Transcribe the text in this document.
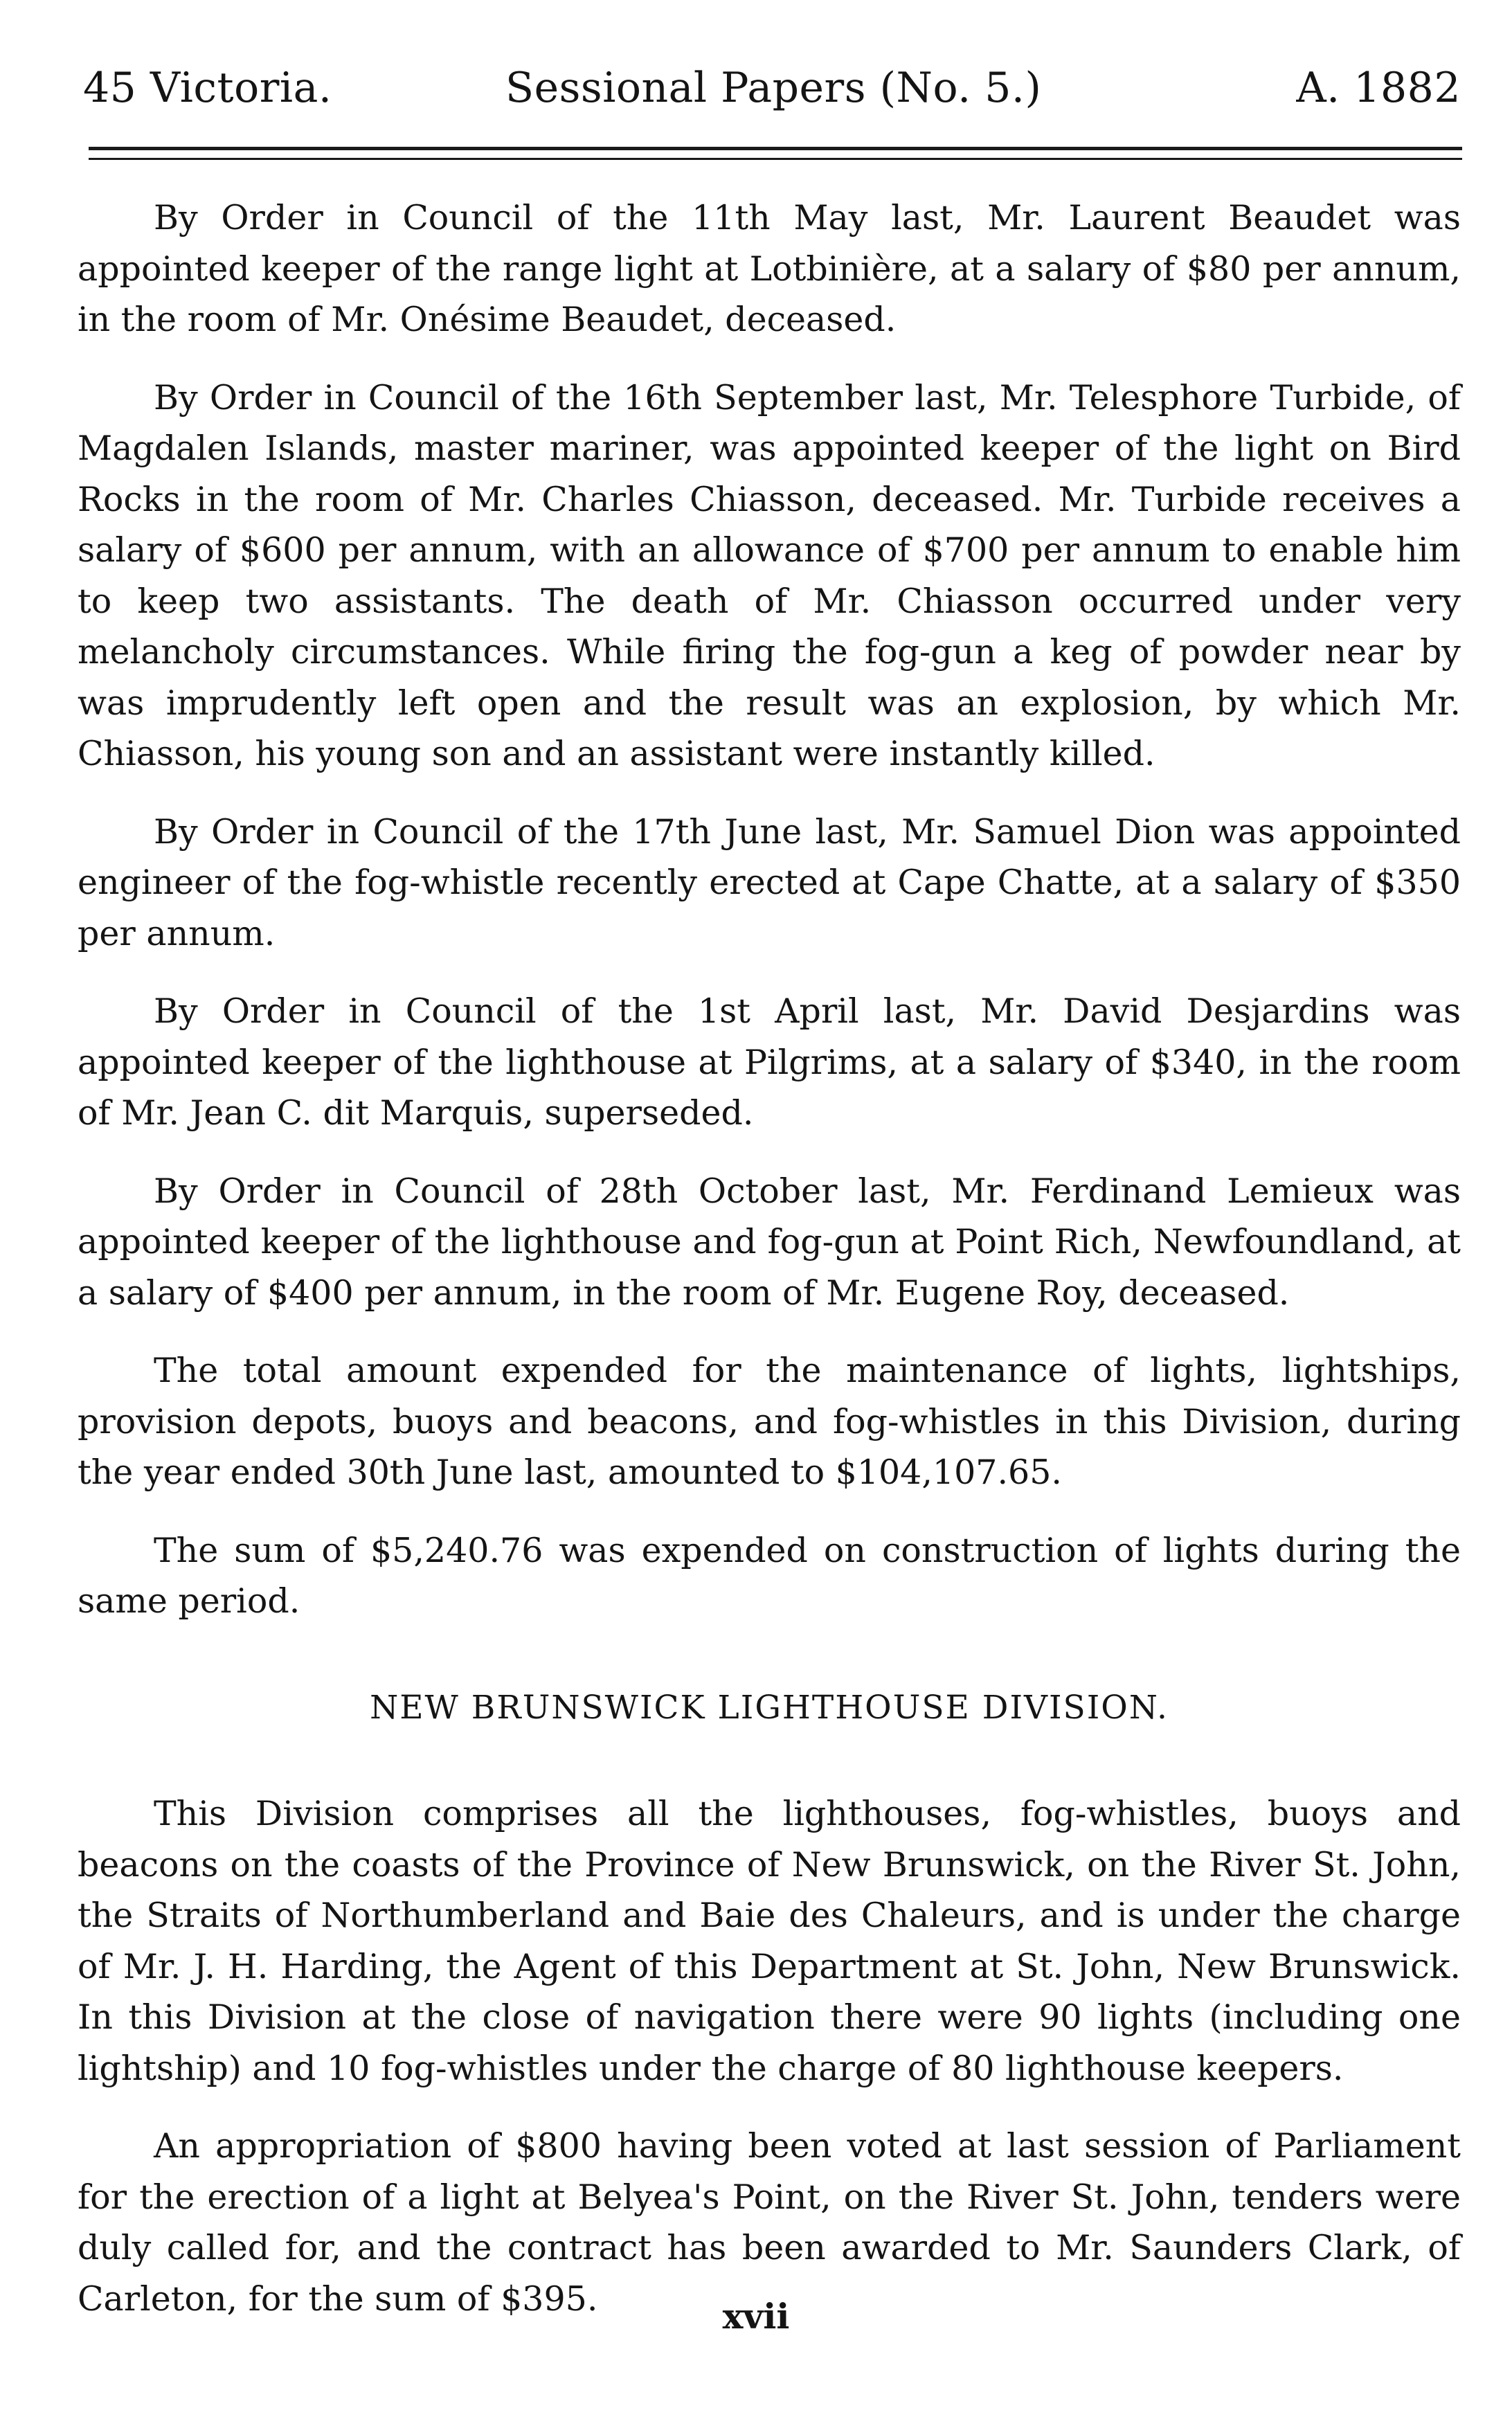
45 Victoria.	Sessional Papers (No. 5.)	A. 1882

By Order in Council of the 11th May last, Mr. Laurent Beaudet was appointed keeper of the range light at Lotbinière, at a salary of $80 per annum, in the room of Mr. Onésime Beaudet, deceased.

By Order in Council of the 16th September last, Mr. Telesphore Turbide, of Magdalen Islands, master mariner, was appointed keeper of the light on Bird Rocks in the room of Mr. Charles Chiasson, deceased. Mr. Turbide receives a salary of $600 per annum, with an allowance of $700 per annum to enable him to keep two assistants. The death of Mr. Chiasson occurred under very melancholy circumstances. While firing the fog-gun a keg of powder near by was imprudently left open and the result was an explosion, by which Mr. Chiasson, his young son and an assistant were instantly killed.

By Order in Council of the 17th June last, Mr. Samuel Dion was appointed engineer of the fog-whistle recently erected at Cape Chatte, at a salary of $350 per annum.

By Order in Council of the 1st April last, Mr. David Desjardins was appointed keeper of the lighthouse at Pilgrims, at a salary of $340, in the room of Mr. Jean C. dit Marquis, superseded.

By Order in Council of 28th October last, Mr. Ferdinand Lemieux was appointed keeper of the lighthouse and fog-gun at Point Rich, Newfoundland, at a salary of $400 per annum, in the room of Mr. Eugene Roy, deceased.

The total amount expended for the maintenance of lights, lightships, provision depots, buoys and beacons, and fog-whistles in this Division, during the year ended 30th June last, amounted to $104,107.65.

The sum of $5,240.76 was expended on construction of lights during the same period.

NEW BRUNSWICK LIGHTHOUSE DIVISION.

This Division comprises all the lighthouses, fog-whistles, buoys and beacons on the coasts of the Province of New Brunswick, on the River St. John, the Straits of Northumberland and Baie des Chaleurs, and is under the charge of Mr. J. H. Harding, the Agent of this Department at St. John, New Brunswick. In this Division at the close of navigation there were 90 lights (including one lightship) and 10 fog-whistles under the charge of 80 lighthouse keepers.

An appropriation of $800 having been voted at last session of Parliament for the erection of a light at Belyea's Point, on the River St. John, tenders were duly called for, and the contract has been awarded to Mr. Saunders Clark, of Carleton, for the sum of $395.	xvii
